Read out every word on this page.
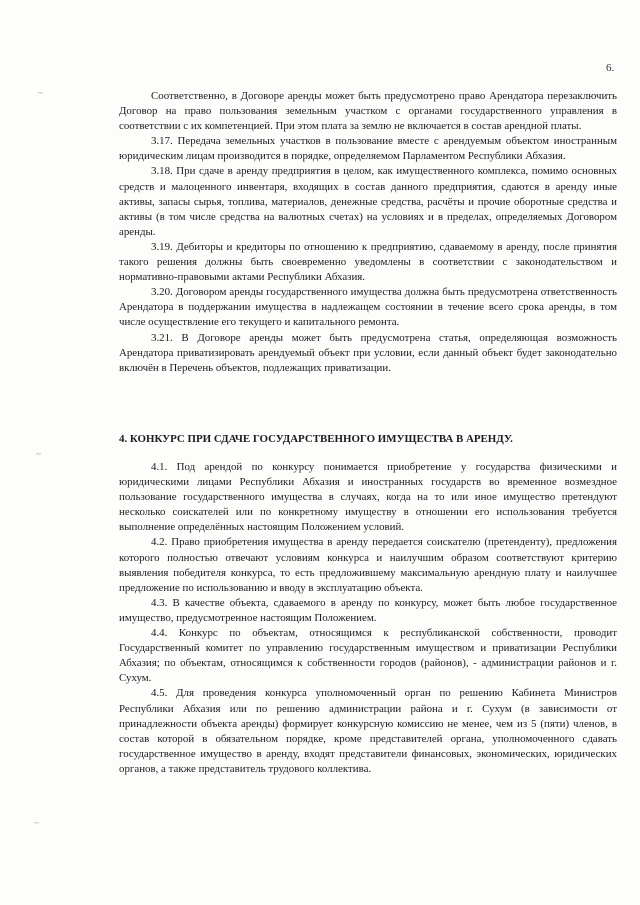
6.
~
~
~

Соответственно, в Договоре аренды может быть предусмотрено право Арендатора перезаключить Договор на право пользования земельным участком с органами государственного управления в соответствии с их компетенцией. При этом плата за землю не включается в состав арендной платы.

3.17. Передача земельных участков в пользование вместе с арендуемым объектом иностранным юридическим лицам производится в порядке, определяемом Парламентом Республики Абхазия.

3.18. При сдаче в аренду предприятия в целом, как имущественного комплекса, помимо основных средств и малоценного инвентаря, входящих в состав данного предприятия, сдаются в аренду иные активы, запасы сырья, топлива, материалов, денежные средства, расчёты и прочие оборотные средства и активы (в том числе средства на валютных счетах) на условиях и в пределах, определяемых Договором аренды.

3.19. Дебиторы и кредиторы по отношению к предприятию, сдаваемому в аренду, после принятия такого решения должны быть своевременно уведомлены в соответствии с законодательством и нормативно-правовыми актами Республики Абхазия.

3.20. Договором аренды государственного имущества должна быть предусмотрена ответственность Арендатора в поддержании имущества в надлежащем состоянии в течение всего срока аренды, в том числе осуществление его текущего и капитального ремонта.

3.21. В Договоре аренды может быть предусмотрена статья, определяющая возможность Арендатора приватизировать арендуемый объект при условии, если данный объект будет законодательно включён в Перечень объектов, подлежащих приватизации.

4. КОНКУРС ПРИ СДАЧЕ ГОСУДАРСТВЕННОГО ИМУЩЕСТВА В АРЕНДУ.

4.1. Под арендой по конкурсу понимается приобретение у государства физическими и юридическими лицами Республики Абхазия и иностранных государств во временное возмездное пользование государственного имущества в случаях, когда на то или иное имущество претендуют несколько соискателей или по конкретному имуществу в отношении его использования требуется выполнение определённых настоящим Положением условий.

4.2. Право приобретения имущества в аренду передается соискателю (претенденту), предложения которого полностью отвечают условиям конкурса и наилучшим образом соответствуют критерию выявления победителя конкурса, то есть предложившему максимальную арендную плату и наилучшее предложение по использованию и вводу в эксплуатацию объекта.

4.3. В качестве объекта, сдаваемого в аренду по конкурсу, может быть любое государственное имущество, предусмотренное настоящим Положением.

4.4. Конкурс по объектам, относящимся к республиканской собственности, проводит Государственный комитет по управлению государственным имуществом и приватизации Республики Абхазия; по объектам, относящимся к собственности городов (районов), - администрации районов и г. Сухум.

4.5. Для проведения конкурса уполномоченный орган по решению Кабинета Министров Республики Абхазия или по решению администрации района и г. Сухум (в зависимости от принадлежности объекта аренды) формирует конкурсную комиссию не менее, чем из 5 (пяти) членов, в состав которой в обязательном порядке, кроме представителей органа, уполномоченного сдавать государственное имущество в аренду, входят представители финансовых, экономических, юридических органов, а также представитель трудового коллектива.
